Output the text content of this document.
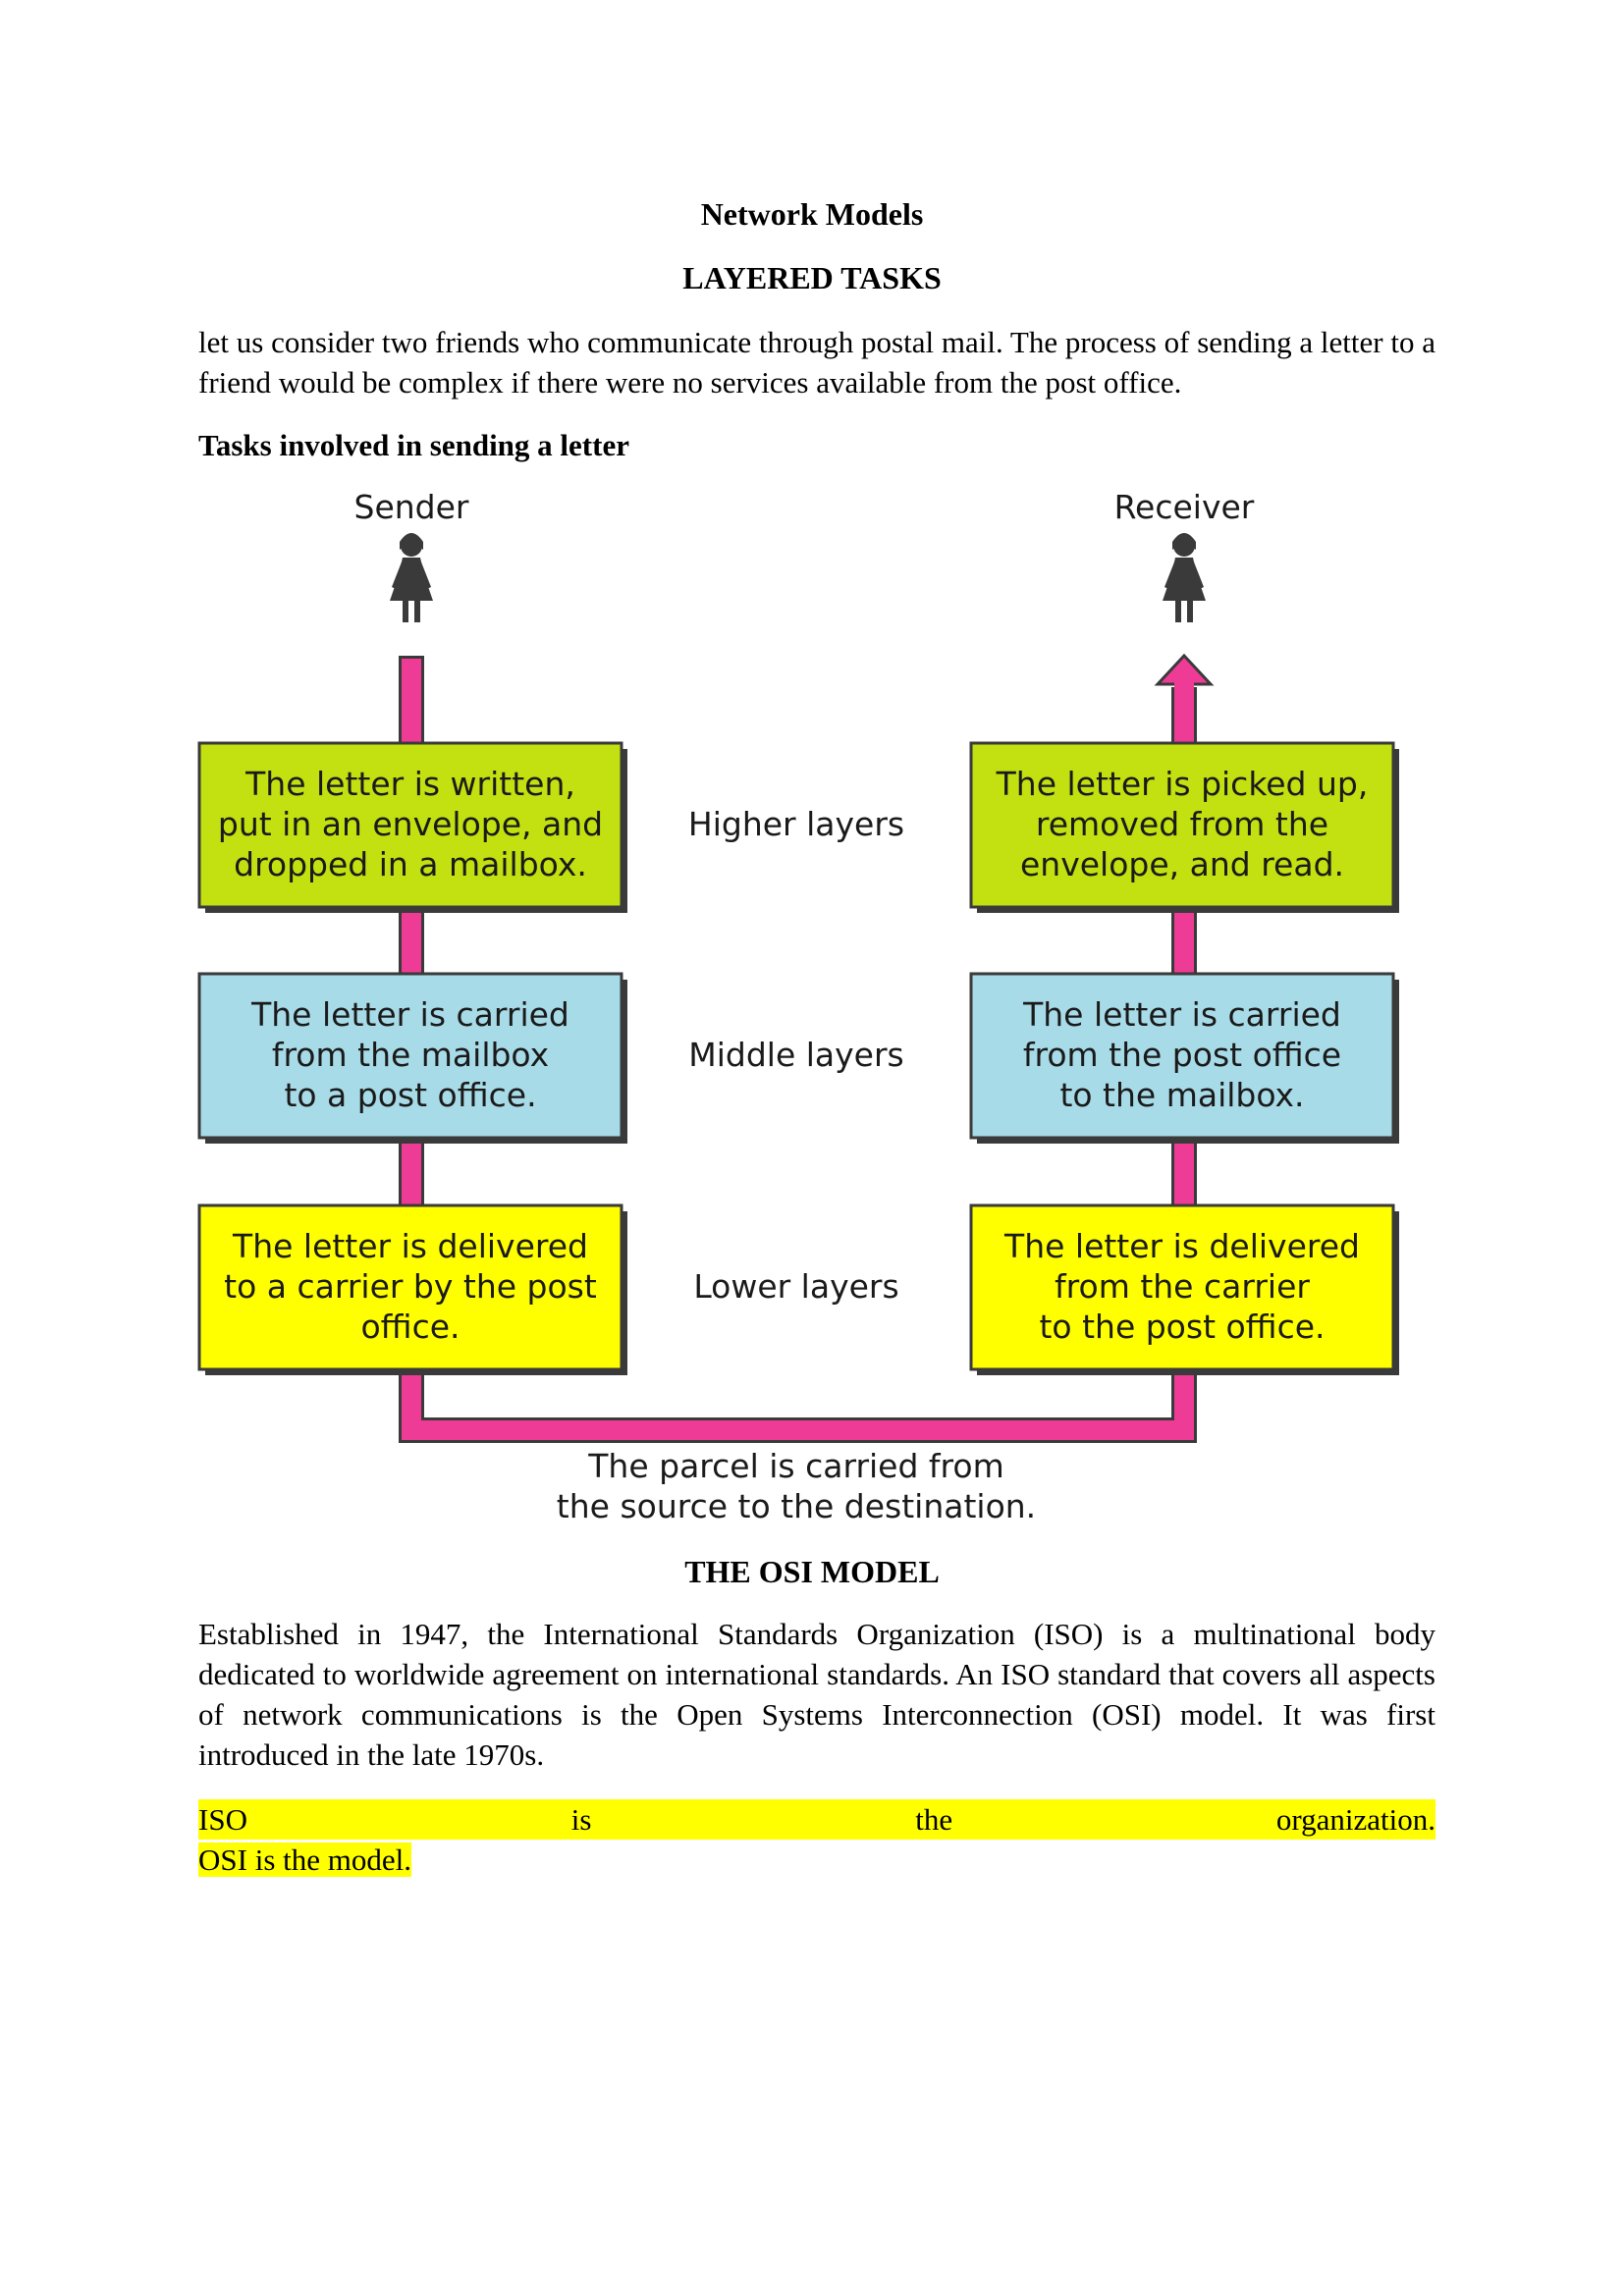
Network Models
LAYERED TASKS

let us consider two friends who communicate through postal mail. The process of sending a letter to a friend would be complex if there were no services available from the post office.

Tasks involved in sending a letter
Sender	Receiver
The letter is written,
put in an envelope, and
dropped in a mailbox.
The letter is picked up,
removed from the
envelope, and read.
Higher layers
The letter is carried
from the mailbox
to a post office.
The letter is carried
from the post office
to the mailbox.
Middle layers
The letter is delivered
to a carrier by the post
office.
The letter is delivered
from the carrier
to the post office.
Lower layers
The parcel is carried from
the source to the destination.
THE OSI MODEL

Established in 1947, the International Standards Organization (ISO) is a multinational body dedicated to worldwide agreement on international standards. An ISO standard that covers all aspects of network communications is the Open Systems Interconnection (OSI) model. It was first introduced in the late 1970s.

ISO is the organization.
OSI is the model.
